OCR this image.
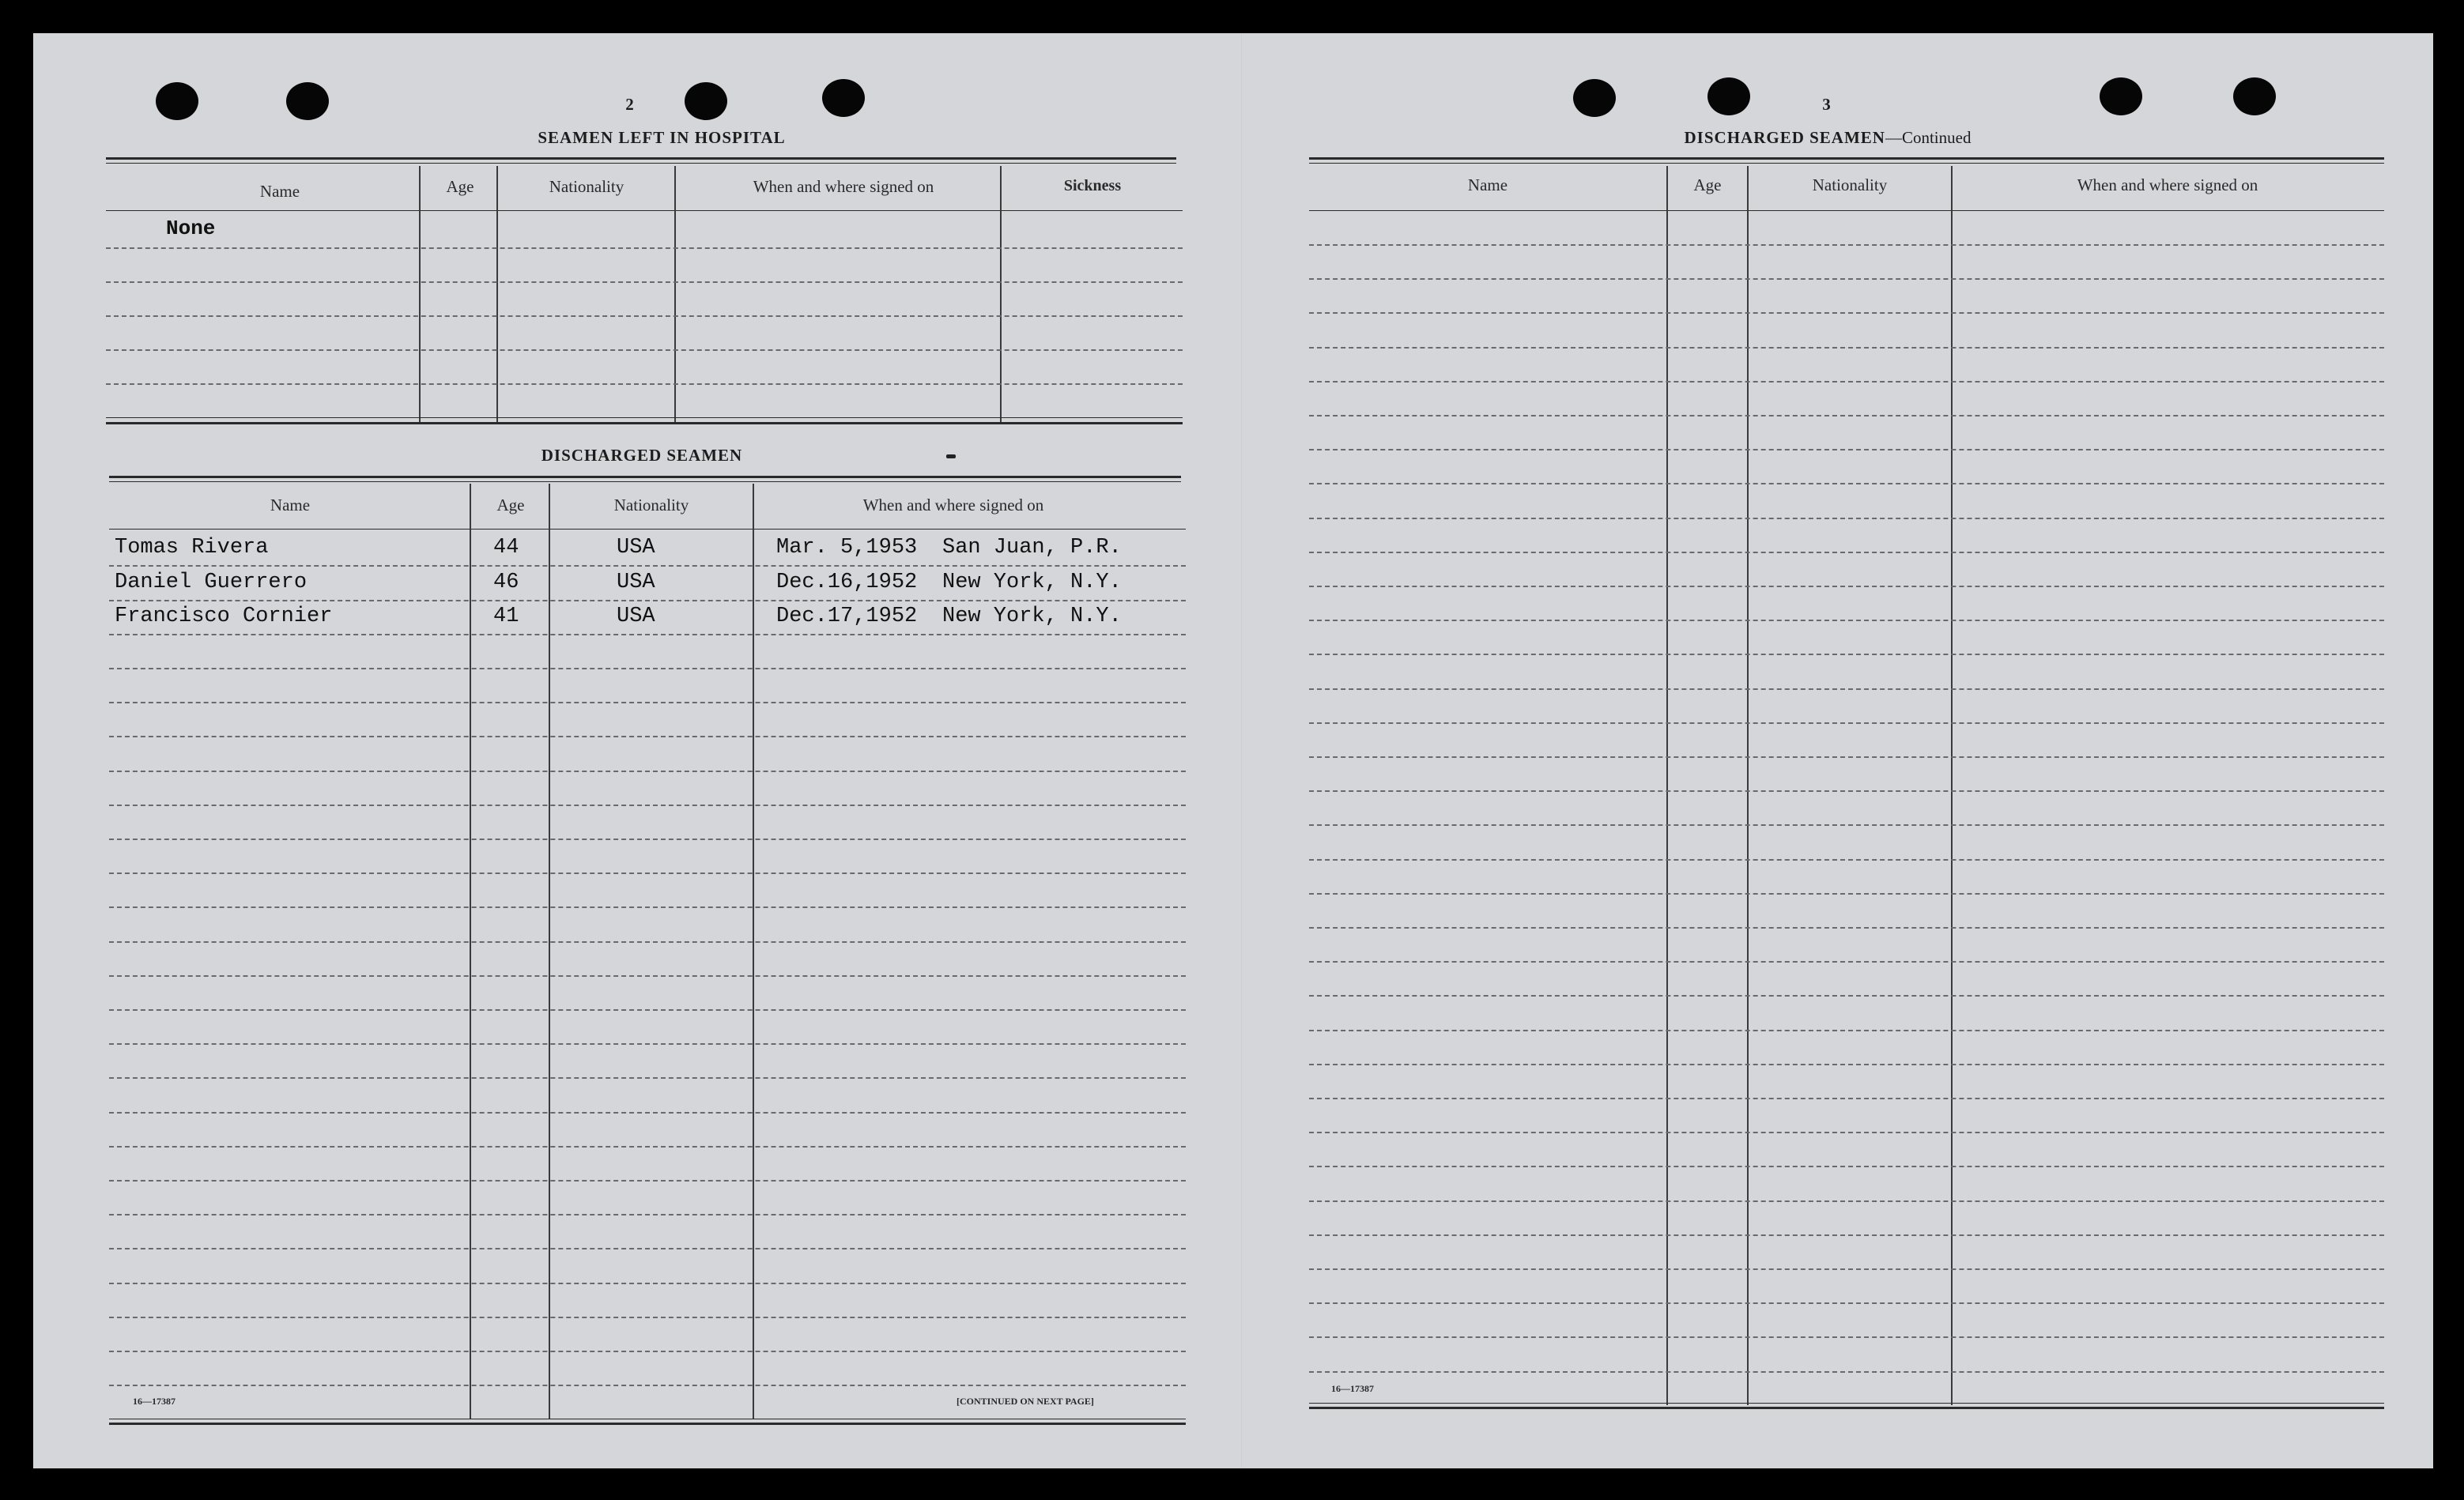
2
SEAMEN LEFT IN HOSPITAL
Name	Age	Nationality	When and where signed on	Sickness
None
DISCHARGED SEAMEN
Name	Age	Nationality	When and where signed on
Tomas Rivera	44	USA	Mar. 5,1953 San Juan, P.R.
Daniel Guerrero	46	USA	Dec.16,1952 New York, N.Y.
Francisco Cornier	41	USA	Dec.17,1952 New York, N.Y.
16—17387	[CONTINUED ON NEXT PAGE]
3
DISCHARGED SEAMEN—Continued
Name	Age	Nationality	When and where signed on
16—17387
